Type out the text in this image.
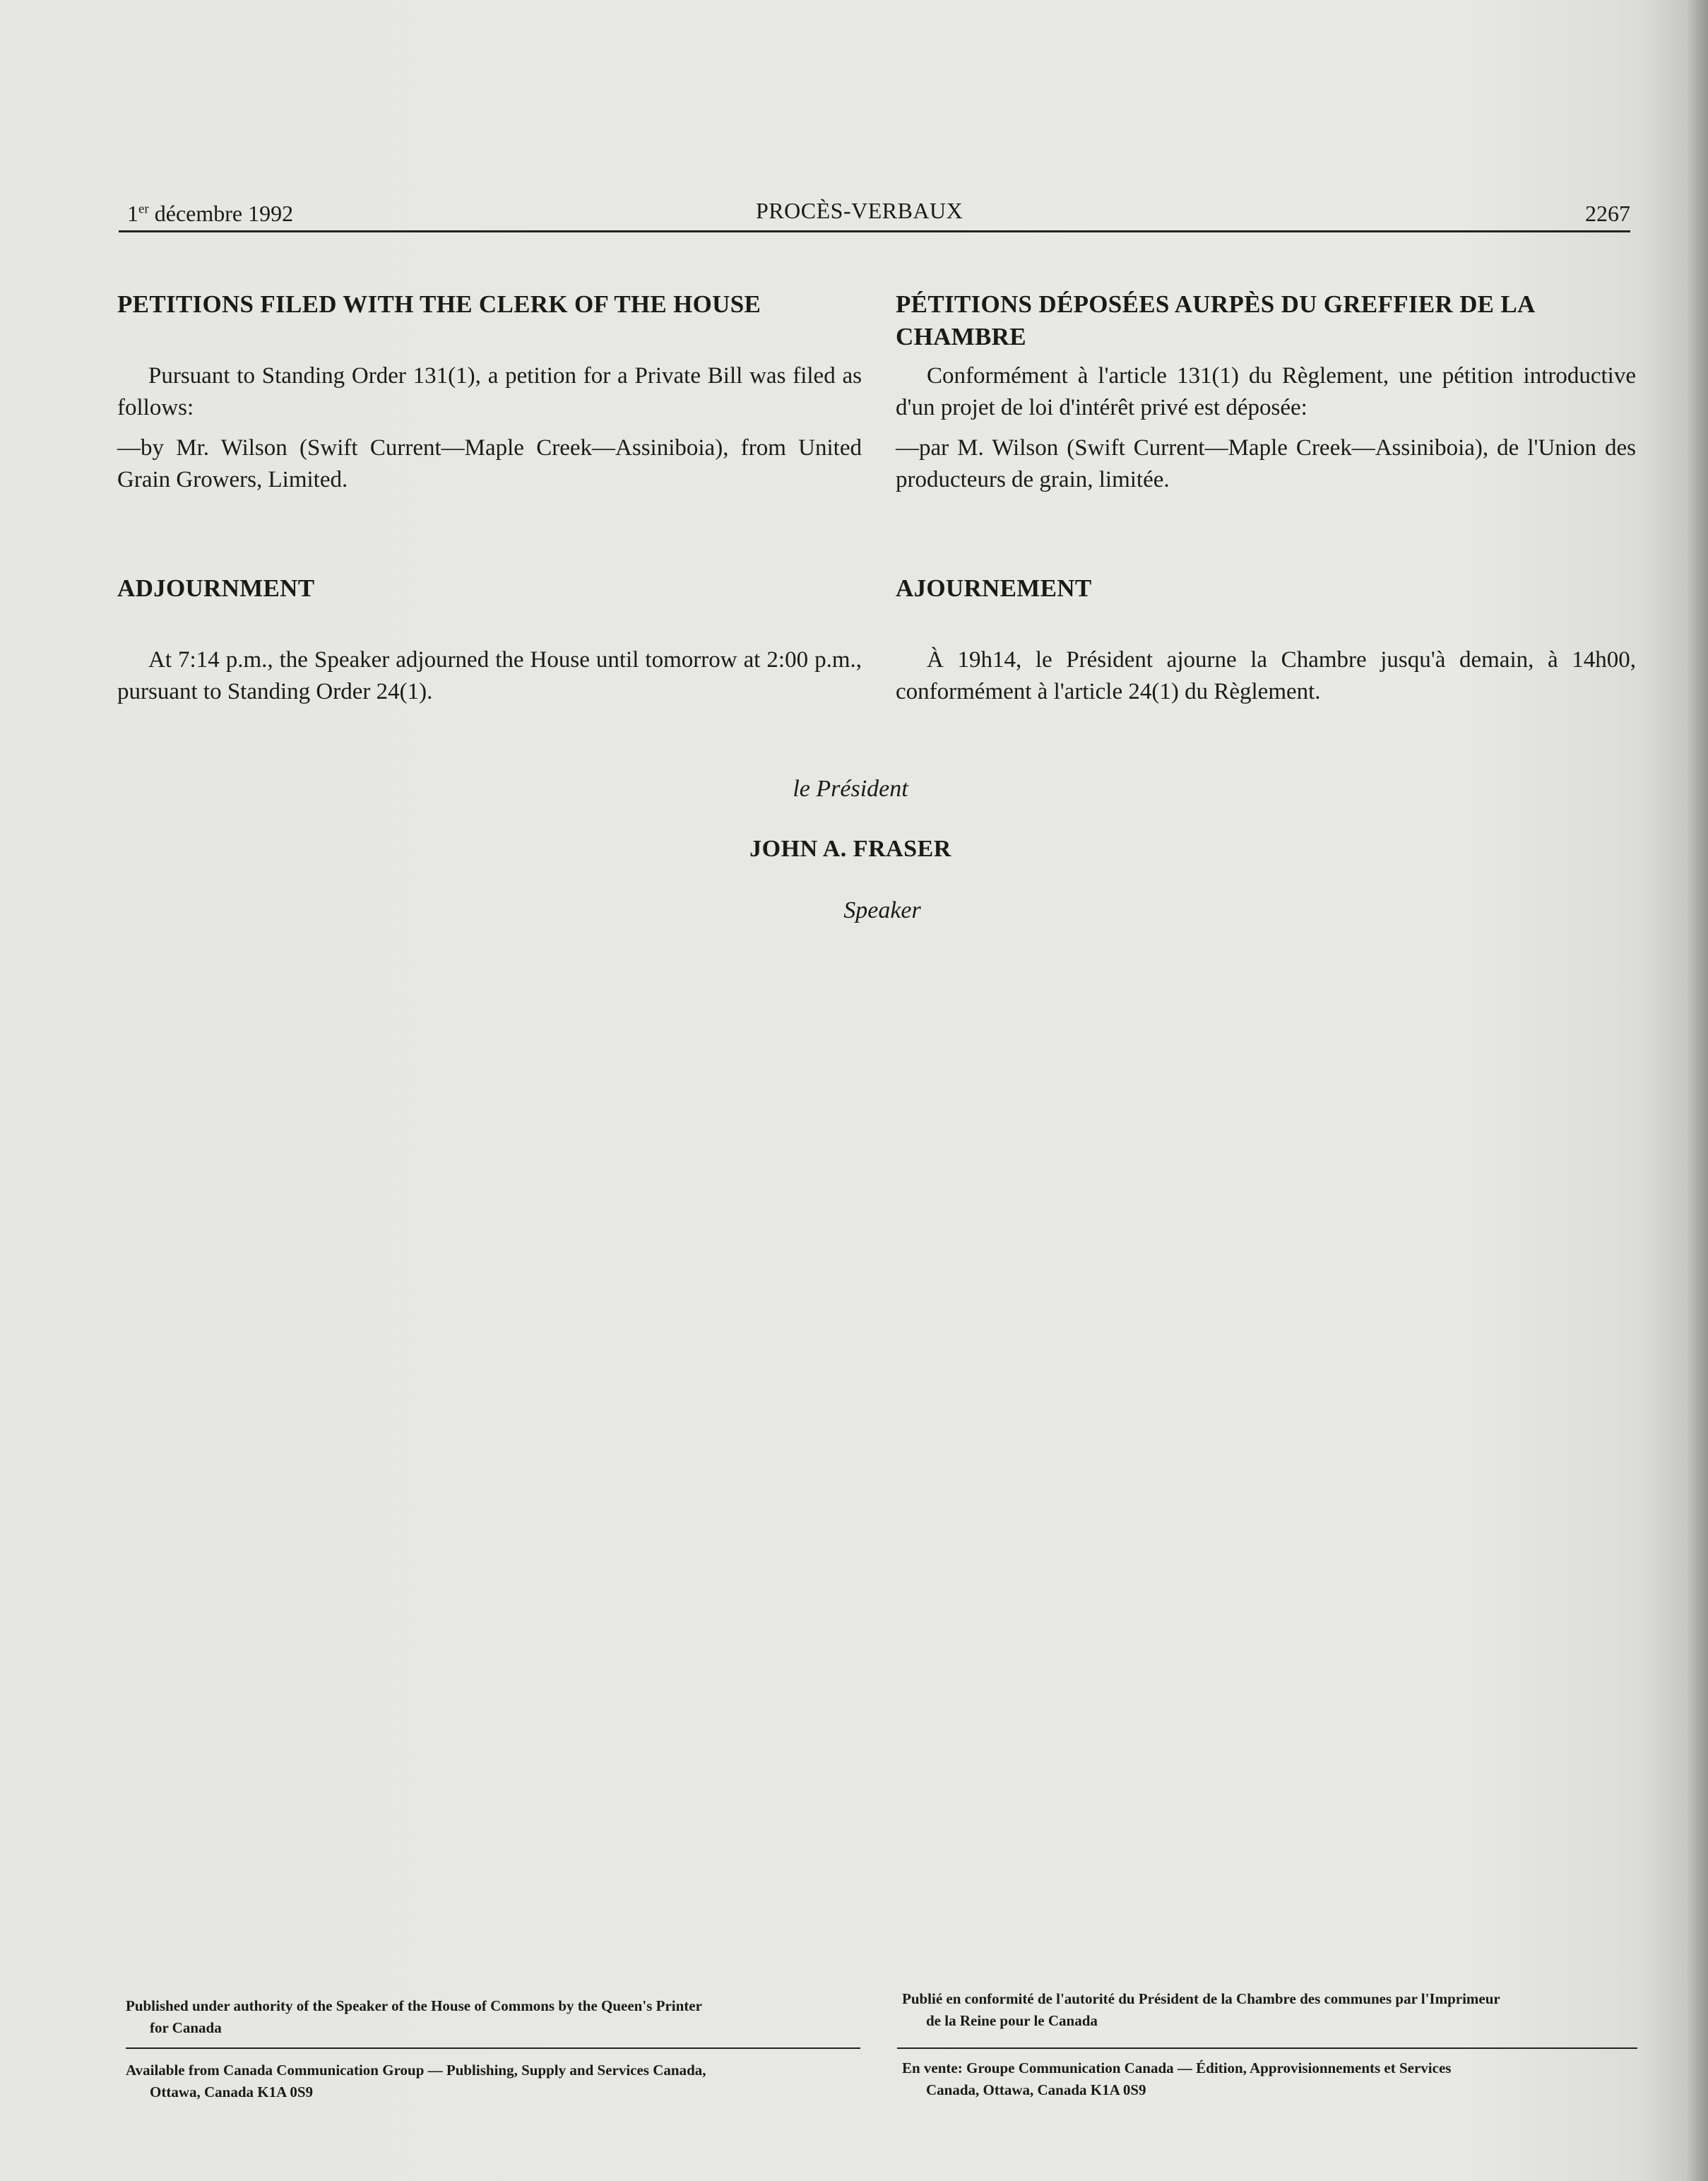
1er décembre 1992	PROCÈS-VERBAUX	2267
PETITIONS FILED WITH THE CLERK OF THE HOUSE

Pursuant to Standing Order 131(1), a petition for a Private Bill was filed as follows:

—by Mr. Wilson (Swift Current—Maple Creek—Assiniboia), from United Grain Growers, Limited.

ADJOURNMENT

At 7:14 p.m., the Speaker adjourned the House until tomorrow at 2:00 p.m., pursuant to Standing Order 24(1).

PÉTITIONS DÉPOSÉES AURPÈS DU GREFFIER DE LA CHAMBRE

Conformément à l'article 131(1) du Règlement, une pétition introductive d'un projet de loi d'intérêt privé est déposée:

—par M. Wilson (Swift Current—Maple Creek—Assiniboia), de l'Union des producteurs de grain, limitée.

AJOURNEMENT

À 19h14, le Président ajourne la Chambre jusqu'à demain, à 14h00, conformément à l'article 24(1) du Règlement.

le Président
JOHN A. FRASER
Speaker
Published under authority of the Speaker of the House of Commons by the Queen's Printer
for Canada
Publié en conformité de l'autorité du Président de la Chambre des communes par l'Imprimeur
de la Reine pour le Canada
Available from Canada Communication Group — Publishing, Supply and Services Canada,
Ottawa, Canada K1A 0S9
En vente: Groupe Communication Canada — Édition, Approvisionnements et Services
Canada, Ottawa, Canada K1A 0S9
